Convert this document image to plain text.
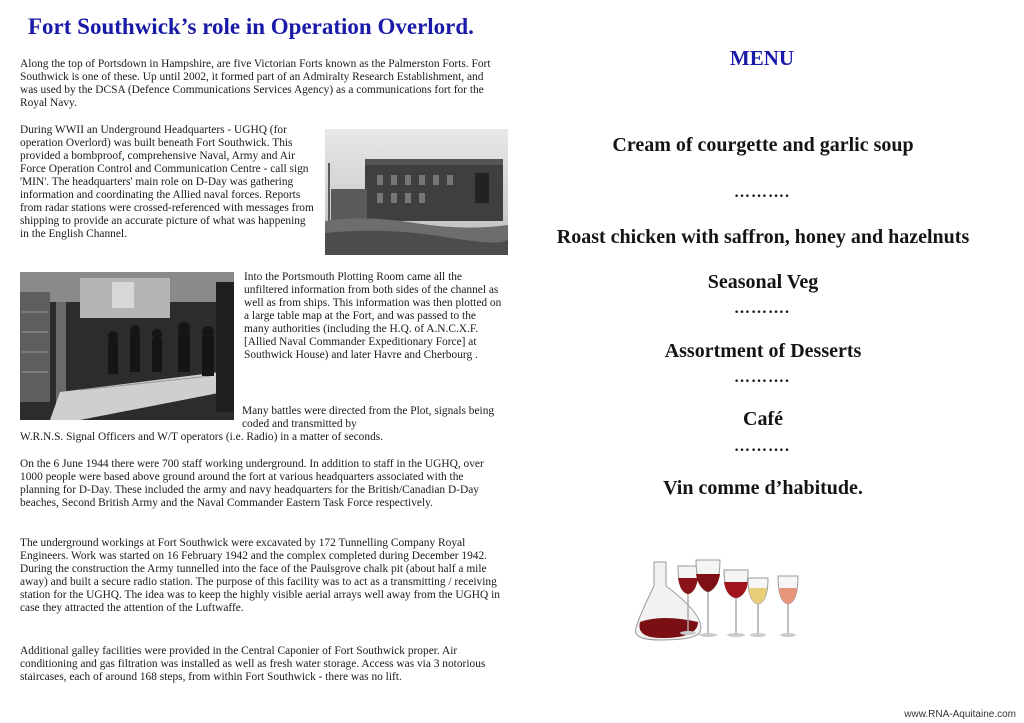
Fort Southwick’s role in Operation Overlord.

Along the top of Portsdown in Hampshire, are five Victorian Forts known as the Palmerston Forts. Fort Southwick is one of these. Up until 2002, it formed part of an Admiralty Research Establishment, and was used by the DCSA (Defence Communications Services Agency) as a communications fort for the Royal Navy.

During WWII an Underground Headquarters - UGHQ (for operation Overlord) was built beneath Fort Southwick. This provided a bombproof, comprehensive Naval, Army and Air Force Operation Control and Communication Centre - call sign 'MIN'. The headquarters' main role on D-Day was gathering information and coordinating the Allied naval forces. Reports from radar stations were crossed-referenced with messages from shipping to provide an accurate picture of what was happening in the English Channel.

Into the Portsmouth Plotting Room came all the unfiltered information from both sides of the channel as well as from ships. This information was then plotted on a large table map at the Fort, and was passed to the many authorities (including the H.Q. of A.N.C.X.F. [Allied Naval Commander Expeditionary Force] at Southwick House) and later Havre and Cherbourg .

Many battles were directed from the Plot, signals being coded and transmitted by
W.R.N.S. Signal Officers and W/T operators (i.e. Radio) in a matter of seconds.

On the 6 June 1944 there were 700 staff working underground. In addition to staff in the UGHQ, over 1000 people were based above ground around the fort at various headquarters associated with the planning for D-Day. These included the army and navy headquarters for the British/Canadian D-Day beaches, Second British Army and the Naval Commander Eastern Task Force respectively.

The underground workings at Fort Southwick were excavated by 172 Tunnelling Company Royal Engineers. Work was started on 16 February 1942 and the complex completed during December 1942. During the construction the Army tunnelled into the face of the Paulsgrove chalk pit (about half a mile away) and built a secure radio station. The purpose of this facility was to act as a transmitting / receiving station for the UGHQ. The idea was to keep the highly visible aerial arrays well away from the UGHQ in case they attracted the attention of the Luftwaffe.

Additional galley facilities were provided in the Central Caponier of Fort Southwick proper. Air conditioning and gas filtration was installed as well as fresh water storage. Access was via 3 notorious staircases, each of around 168 steps, from within Fort Southwick - there was no lift.

MENU

Cream of courgette and garlic soup

……….

Roast chicken with saffron, honey and hazelnuts

Seasonal Veg

……….

Assortment of Desserts

……….

Café

……….

Vin comme d’habitude.

www.RNA-Aquitaine.com
